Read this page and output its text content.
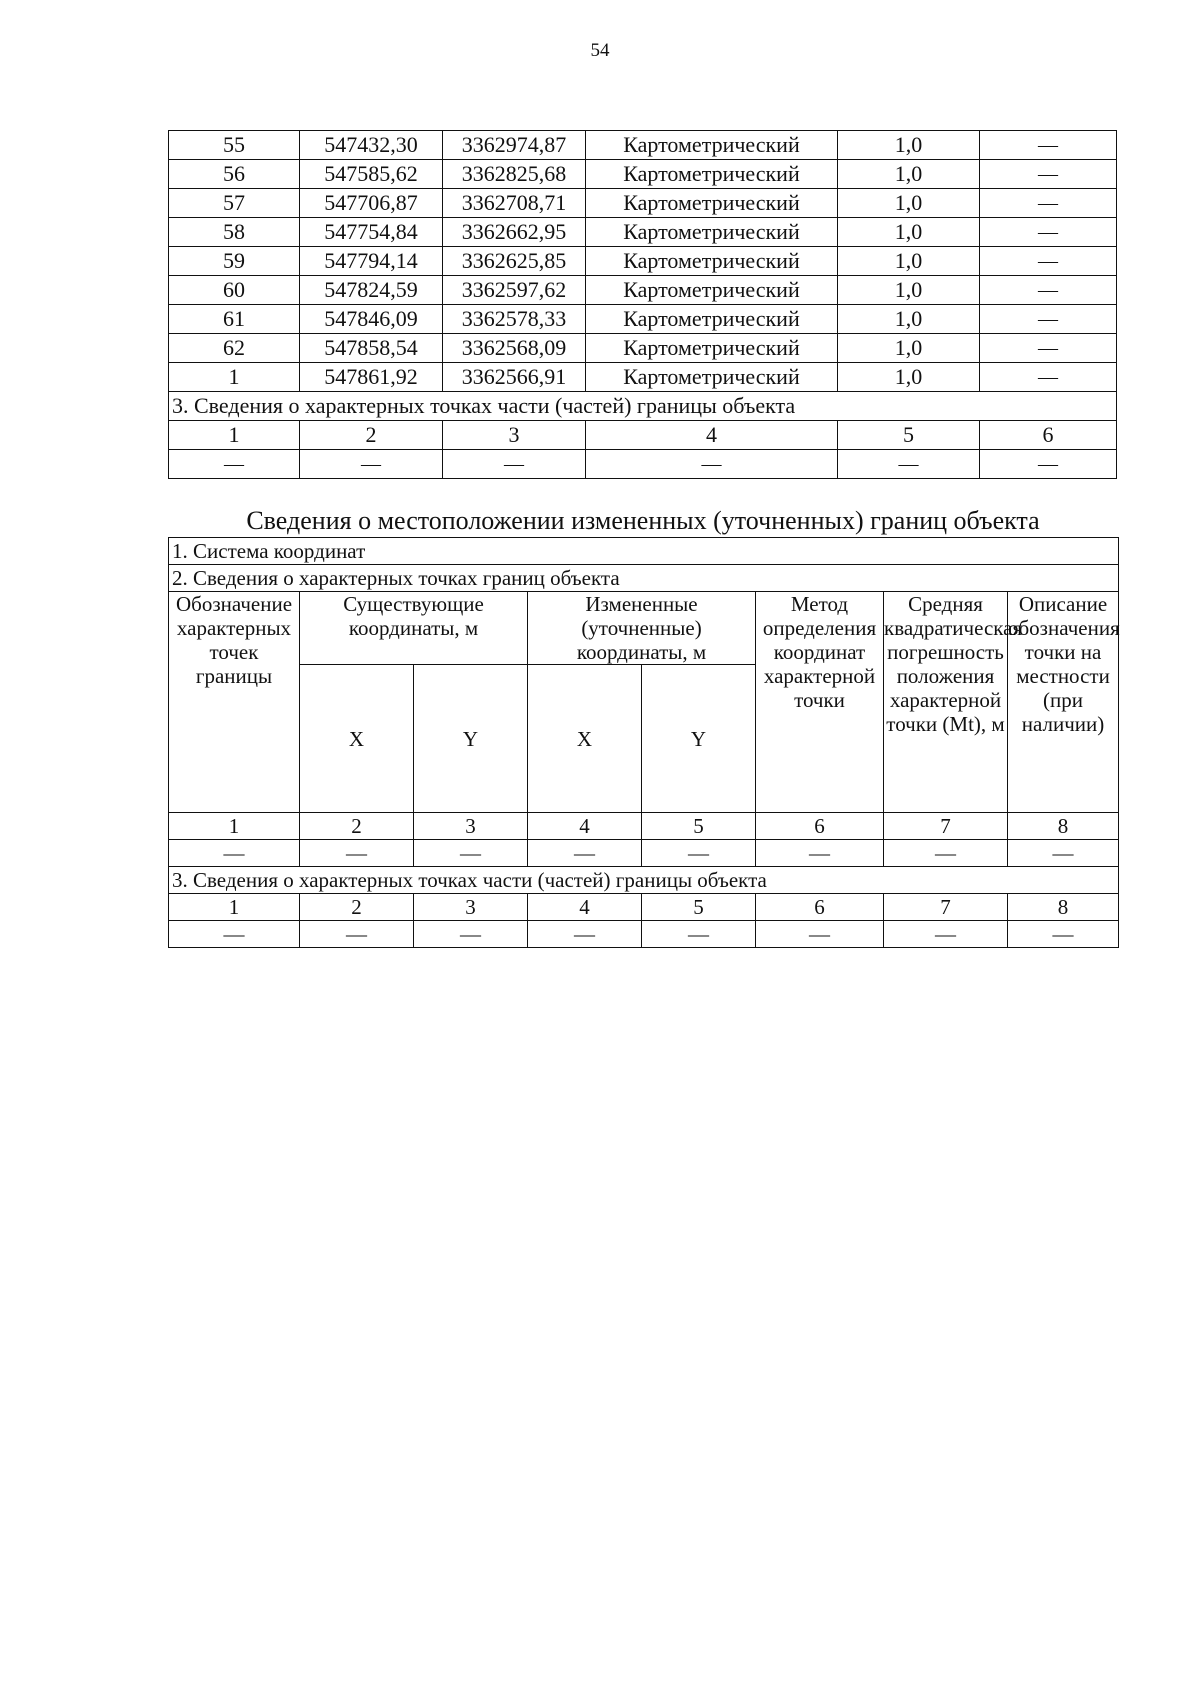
54
55	547432,30	3362974,87	Картометрический	1,0	—
56	547585,62	3362825,68	Картометрический	1,0	—
57	547706,87	3362708,71	Картометрический	1,0	—
58	547754,84	3362662,95	Картометрический	1,0	—
59	547794,14	3362625,85	Картометрический	1,0	—
60	547824,59	3362597,62	Картометрический	1,0	—
61	547846,09	3362578,33	Картометрический	1,0	—
62	547858,54	3362568,09	Картометрический	1,0	—
1	547861,92	3362566,91	Картометрический	1,0	—
3. Сведения о характерных точках части (частей) границы объекта					
1	2	3	4	5	6
—	—	—	—	—	—
Сведения о местоположении измененных (уточненных) границ объекта
1. Система координат							
2. Сведения о характерных точках границ объекта							
Обозначение характерных точек границы	Существующие координаты, м		Измененные (уточненные) координаты, м		Метод определения координат характерной точки	Средняя квадратическая погрешность положения характерной точки (Mt), м	Описание обозначения точки на местности (при наличии)
	X	Y	X	Y			
1	2	3	4	5	6	7	8
—	—	—	—	—	—	—	—
3. Сведения о характерных точках части (частей) границы объекта							
1	2	3	4	5	6	7	8
—	—	—	—	—	—	—	—
